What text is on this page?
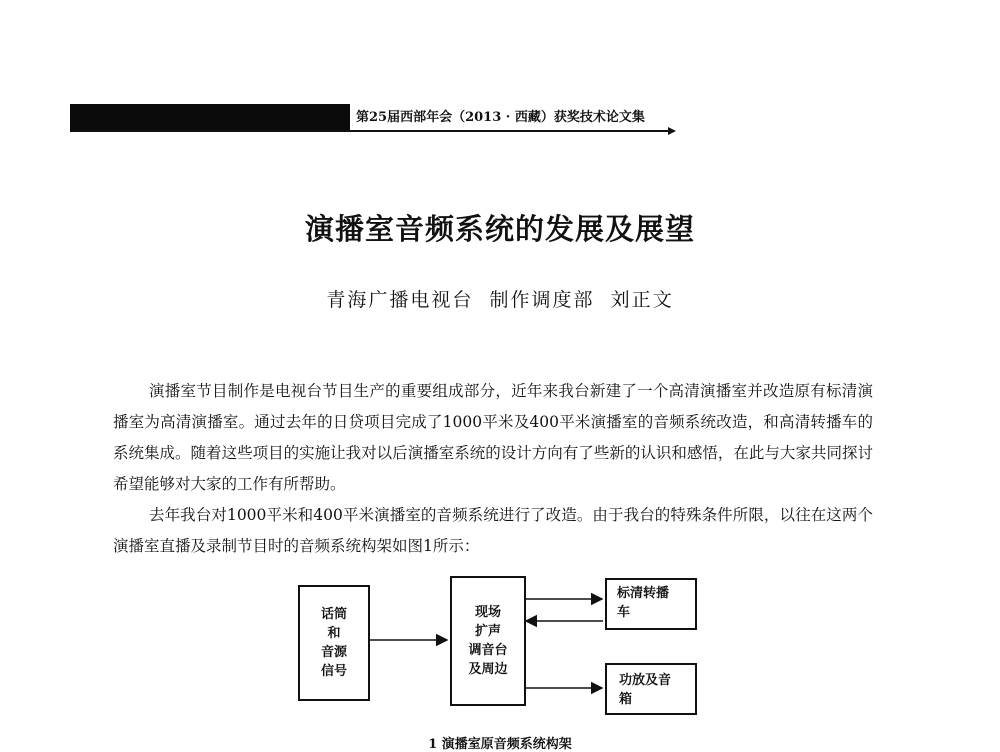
第25届西部年会（2013 · 西藏）获奖技术论文集
演播室音频系统的发展及展望
青海广播电视台  制作调度部  刘正文

演播室节目制作是电视台节目生产的重要组成部分，近年来我台新建了一个高清演播室并改造原有标清演播室为高清演播室。通过去年的日贷项目完成了1000平米及400平米演播室的音频系统改造，和高清转播车的系统集成。随着这些项目的实施让我对以后演播室系统的设计方向有了些新的认识和感悟，在此与大家共同探讨希望能够对大家的工作有所帮助。

去年我台对1000平米和400平米演播室的音频系统进行了改造。由于我台的特殊条件所限，以往在这两个演播室直播及录制节目时的音频系统构架如图1所示：

话筒
和
音源
信号
现场
扩声
调音台
及周边
标清转播
车
功放及音
箱
1 演播室原音频系统构架
